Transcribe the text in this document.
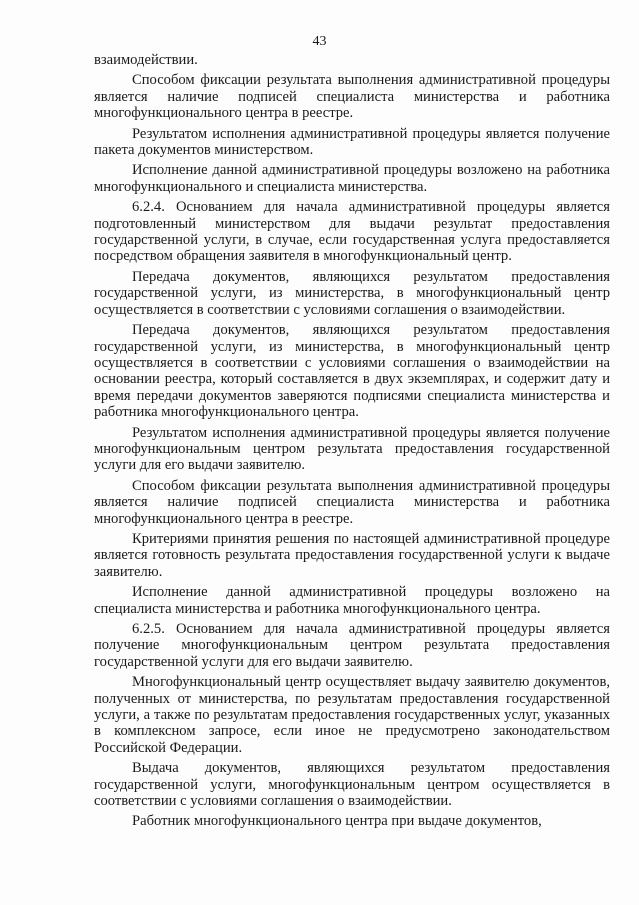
43

взаимодействии.

Способом фиксации результата выполнения административной процедуры является наличие подписей специалиста министерства и работника многофункционального центра в реестре.

Результатом исполнения административной процедуры является получение пакета документов министерством.

Исполнение данной административной процедуры возложено на работника многофункционального и специалиста министерства.

6.2.4. Основанием для начала административной процедуры является подготовленный министерством для выдачи результат предоставления государственной услуги, в случае, если государственная услуга предоставляется посредством обращения заявителя в многофункциональный центр.

Передача документов, являющихся результатом предоставления государственной услуги, из министерства, в многофункциональный центр осуществляется в соответствии с условиями соглашения о взаимодействии.

Передача документов, являющихся результатом предоставления государственной услуги, из министерства, в многофункциональный центр осуществляется в соответствии с условиями соглашения о взаимодействии на основании реестра, который составляется в двух экземплярах, и содержит дату и время передачи документов заверяются подписями специалиста министерства и работника многофункционального центра.

Результатом исполнения административной процедуры является получение многофункциональным центром результата предоставления государственной услуги для его выдачи заявителю.

Способом фиксации результата выполнения административной процедуры является наличие подписей специалиста министерства и работника многофункционального центра в реестре.

Критериями принятия решения по настоящей административной процедуре является готовность результата предоставления государственной услуги к выдаче заявителю.

Исполнение данной административной процедуры возложено на специалиста министерства и работника многофункционального центра.

6.2.5. Основанием для начала административной процедуры является получение многофункциональным центром результата предоставления государственной услуги для его выдачи заявителю.

Многофункциональный центр осуществляет выдачу заявителю документов, полученных от министерства, по результатам предоставления государственной услуги, а также по результатам предоставления государственных услуг, указанных в комплексном запросе, если иное не предусмотрено законодательством Российской Федерации.

Выдача документов, являющихся результатом предоставления государственной услуги, многофункциональным центром осуществляется в соответствии с условиями соглашения о взаимодействии.

Работник многофункционального центра при выдаче документов,
